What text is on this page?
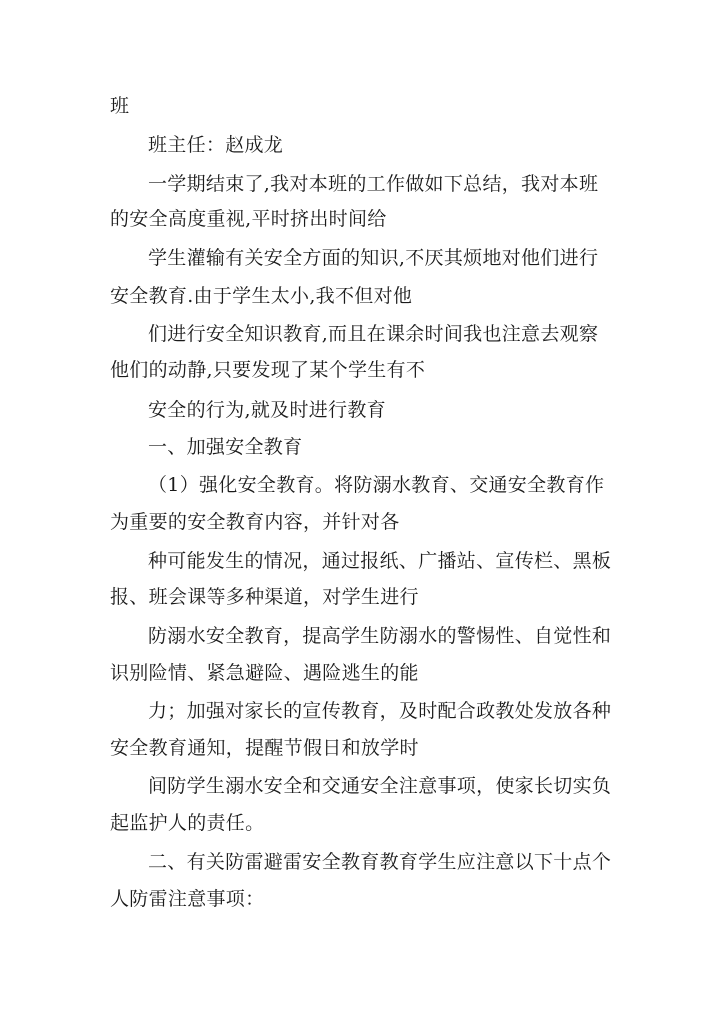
班
班主任：赵成龙
一学期结束了,我对本班的工作做如下总结，我对本班
的安全高度重视,平时挤出时间给
学生灌输有关安全方面的知识,不厌其烦地对他们进行
安全教育.由于学生太小,我不但对他
们进行安全知识教育,而且在课余时间我也注意去观察
他们的动静,只要发现了某个学生有不
安全的行为,就及时进行教育
一、加强安全教育
（1）强化安全教育。将防溺水教育、交通安全教育作
为重要的安全教育内容，并针对各
种可能发生的情况，通过报纸、广播站、宣传栏、黑板
报、班会课等多种渠道，对学生进行
防溺水安全教育，提高学生防溺水的警惕性、自觉性和
识别险情、紧急避险、遇险逃生的能
力；加强对家长的宣传教育，及时配合政教处发放各种
安全教育通知，提醒节假日和放学时
间防学生溺水安全和交通安全注意事项，使家长切实负
起监护人的责任。
二、有关防雷避雷安全教育教育学生应注意以下十点个
人防雷注意事项：
